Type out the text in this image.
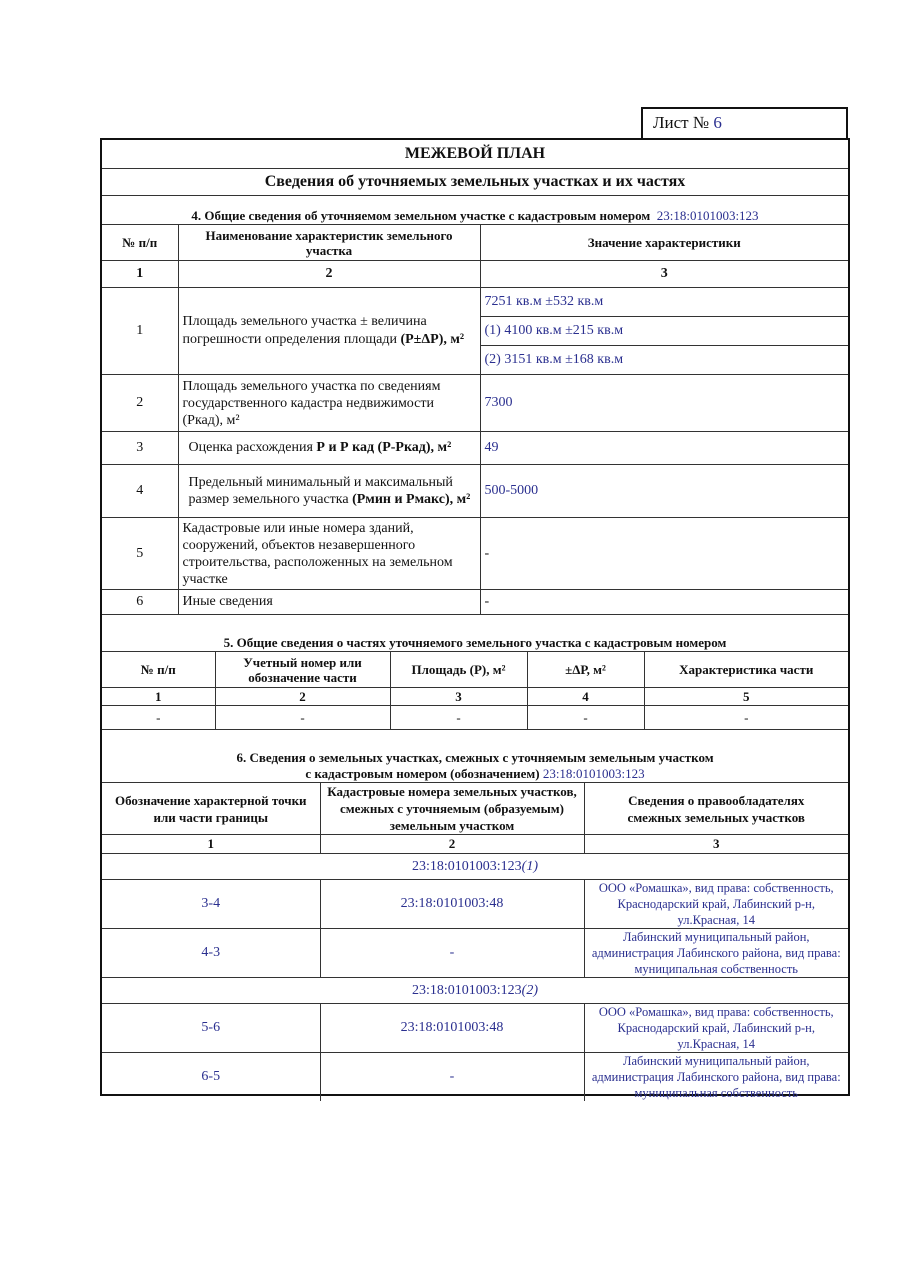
Лист № 6
МЕЖЕВОЙ ПЛАН
Сведения об уточняемых земельных участках и их частях
4. Общие сведения об уточняемом земельном участке с кадастровым номером 23:18:0101003:123		
№ п/п	Наименование характеристик земельного участка	Значение характеристики
1	2	3
1	Площадь земельного участка ± величина погрешности определения площади (Р±ΔР), м²	7251 кв.м ±532 кв.м
		(1) 4100 кв.м ±215 кв.м
		(2) 3151 кв.м ±168 кв.м
2	Площадь земельного участка по сведениям государственного кадастра недвижимости (Ркад), м²	7300
3	Оценка расхождения Р и Р кад (Р-Ркад), м²	49
4	Предельный минимальный и максимальный размер земельного участка (Рмин и Рмакс), м²	500-5000
5	Кадастровые или иные номера зданий, сооружений, объектов незавершенного строительства, расположенных на земельном участке	-
6	Иные сведения	-
5. Общие сведения о частях уточняемого земельного участка с кадастровым номером				
№ п/п	Учетный номер или обозначение части	Площадь (Р), м²	±ΔР, м²	Характеристика части
1	2	3	4	5
-	-	-	-	-
6. Сведения о земельных участках, смежных с уточняемым земельным участком
с кадастровым номером (обозначением) 23:18:0101003:123		

Обозначение характерной точки или части границы	Кадастровые номера земельных участков, смежных с уточняемым (образуемым) земельным участком	Сведения о правообладателях смежных земельных участков
1	2	3
23:18:0101003:123(1)		
3-4	23:18:0101003:48	ООО «Ромашка», вид права: собственность, Краснодарский край, Лабинский р-н, ул.Красная, 14
4-3	-	Лабинский муниципальный район, администрация Лабинского района, вид права: муниципальная собственность
23:18:0101003:123(2)		
5-6	23:18:0101003:48	ООО «Ромашка», вид права: собственность, Краснодарский край, Лабинский р-н, ул.Красная, 14
6-5	-	Лабинский муниципальный район, администрация Лабинского района, вид права: муниципальная собственность
